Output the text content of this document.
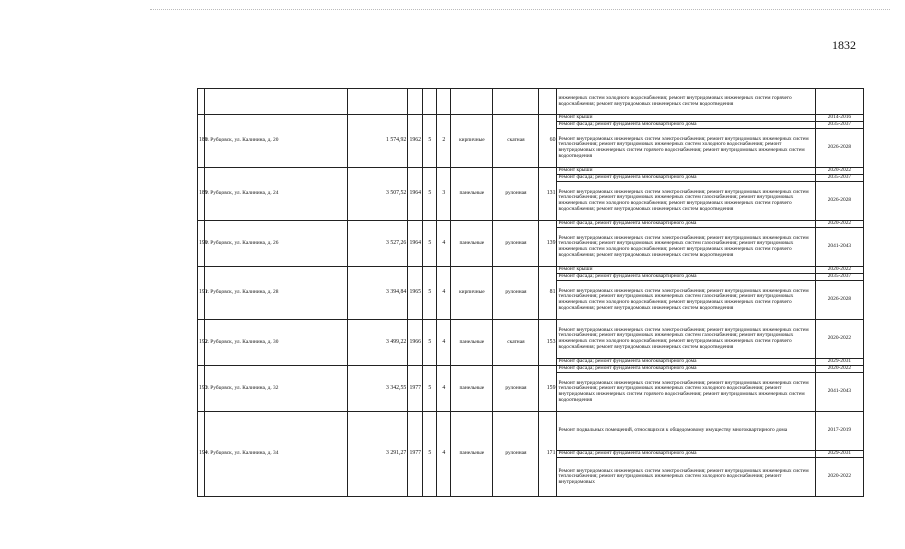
1832
									инженерных систем холодного водоснабжения; ремонт внутридомовых инженерных систем горячего водоснабжения; ремонт внутридомовых инженерных систем водоотведения	
188	г. Рубцовск, ул. Калинина, д. 20	1 574,92	1962	5	2	кирпичные	скатная	60	Ремонт крыши	2014-2016
									Ремонт фасада; ремонт фундамента многоквартирного дома	2035-2037
									Ремонт внутридомовых инженерных систем электроснабжения; ремонт внутридомовых инженерных систем теплоснабжения; ремонт внутридомовых инженерных систем холодного водоснабжения; ремонт внутридомовых инженерных систем горячего водоснабжения; ремонт внутридомовых инженерных систем водоотведения	2026-2028
189	г. Рубцовск, ул. Калинина, д. 24	3 507,52	1964	5	3	панельные	рулонная	131	Ремонт крыши	2020-2022
									Ремонт фасада; ремонт фундамента многоквартирного дома	2035-2037
									Ремонт внутридомовых инженерных систем электроснабжения; ремонт внутридомовых инженерных систем теплоснабжения; ремонт внутридомовых инженерных систем газоснабжения; ремонт внутридомовых инженерных систем холодного водоснабжения; ремонт внутридомовых инженерных систем горячего водоснабжения; ремонт внутридомовых инженерных систем водоотведения	2026-2028
190	г. Рубцовск, ул. Калинина, д. 26	3 527,26	1964	5	4	панельные	рулонная	139	Ремонт фасада, ремонт фундамента многоквартирного дома	2020-2022
									Ремонт внутридомовых инженерных систем электроснабжения; ремонт внутридомовых инженерных систем теплоснабжения; ремонт внутридомовых инженерных систем газоснабжения; ремонт внутридомовых инженерных систем холодного водоснабжения; ремонт внутридомовых инженерных систем горячего водоснабжения; ремонт внутридомовых инженерных систем водоотведения	2041-2043
191	г. Рубцовск, ул. Калинина, д. 28	3 394,84	1965	5	4	кирпичные	рулонная	81	Ремонт крыши	2020-2022
									Ремонт фасада; ремонт фундамента многоквартирного дома	2035-2037
									Ремонт внутридомовых инженерных систем электроснабжения; ремонт внутридомовых инженерных систем теплоснабжения; ремонт внутридомовых инженерных систем газоснабжения; ремонт внутридомовых инженерных систем холодного водоснабжения; ремонт внутридомовых инженерных систем горячего водоснабжения; ремонт внутридомовых инженерных систем водоотведения	2026-2028
192	г. Рубцовск, ул. Калинина, д. 30	3 499,22	1966	5	4	панельные	скатная	153	Ремонт внутридомовых инженерных систем электроснабжения; ремонт внутридомовых инженерных систем теплоснабжения; ремонт внутридомовых инженерных систем газоснабжения; ремонт внутридомовых инженерных систем холодного водоснабжения; ремонт внутридомовых инженерных систем горячего водоснабжения; ремонт внутридомовых инженерных систем водоотведения	2020-2022
									Ремонт фасада; ремонт фундамента многоквартирного дома	2029-2031
193	г. Рубцовск, ул. Калинина, д. 32	3 342,55	1977	5	4	панельные	рулонная	159	Ремонт фасада; ремонт фундамента многоквартирного дома	2020-2022
									Ремонт внутридомовых инженерных систем электроснабжения; ремонт внутридомовых инженерных систем теплоснабжения; ремонт внутридомовых инженерных систем холодного водоснабжения; ремонт внутридомовых инженерных систем горячего водоснабжения; ремонт внутридомовых инженерных систем водоотведения	2041-2043
194	г. Рубцовск, ул. Калинина, д. 34	3 291,27	1977	5	4	панельные	рулонная	171	Ремонт подвальных помещений, относящихся к общедомовому имуществу многоквартирного дома	2017-2019
									Ремонт фасада; ремонт фундамента многоквартирного дома	2029-2031
									Ремонт внутридомовых инженерных систем электроснабжения; ремонт внутридомовых инженерных систем теплоснабжения; ремонт внутридомовых инженерных систем холодного водоснабжения; ремонт внутридомовых	2020-2022
